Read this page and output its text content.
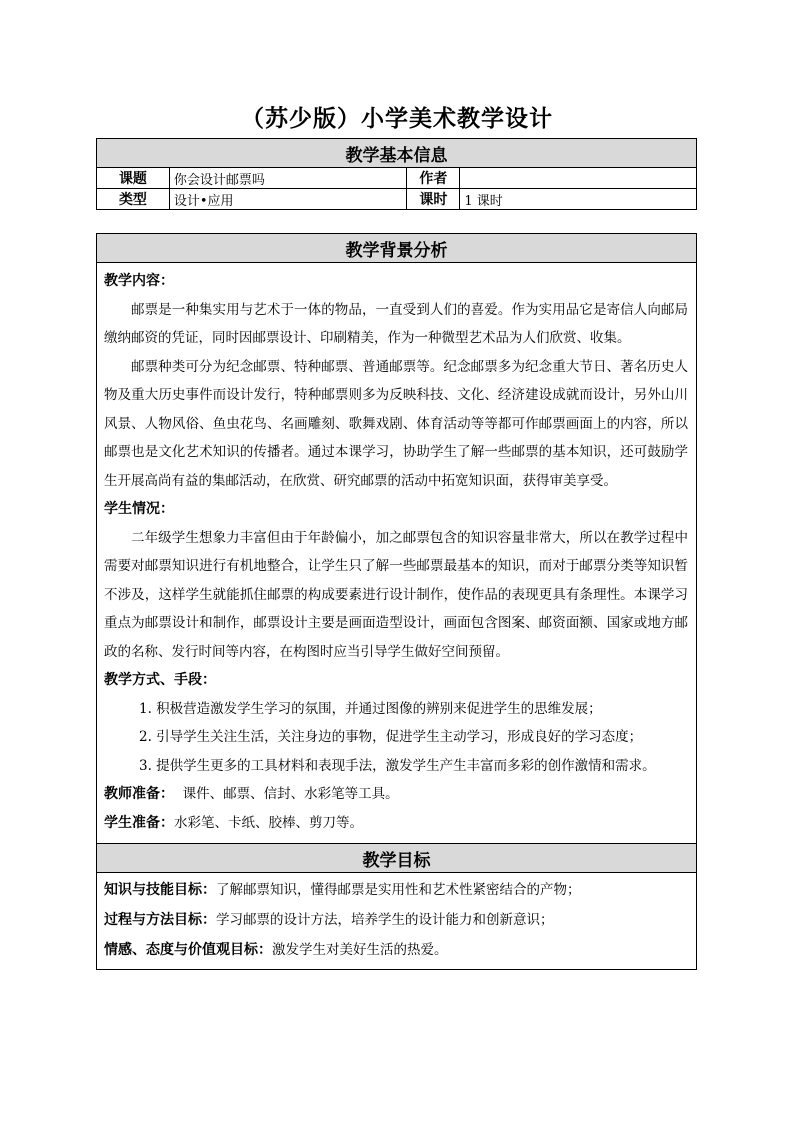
（苏少版）小学美术教学设计
教学基本信息			
课题	你会设计邮票吗	作者	
类型	设计•应用	课时	1 课时
教学背景分析

教学内容：

邮票是一种集实用与艺术于一体的物品，一直受到人们的喜爱。作为实用品它是寄信人向邮局缴纳邮资的凭证，同时因邮票设计、印刷精美，作为一种微型艺术品为人们欣赏、收集。

邮票种类可分为纪念邮票、特种邮票、普通邮票等。纪念邮票多为纪念重大节日、著名历史人物及重大历史事件而设计发行，特种邮票则多为反映科技、文化、经济建设成就而设计，另外山川风景、人物风俗、鱼虫花鸟、名画雕刻、歌舞戏剧、体育活动等等都可作邮票画面上的内容，所以邮票也是文化艺术知识的传播者。通过本课学习，协助学生了解一些邮票的基本知识，还可鼓励学生开展高尚有益的集邮活动，在欣赏、研究邮票的活动中拓宽知识面，获得审美享受。

学生情况：

二年级学生想象力丰富但由于年龄偏小，加之邮票包含的知识容量非常大，所以在教学过程中需要对邮票知识进行有机地整合，让学生只了解一些邮票最基本的知识，而对于邮票分类等知识暂不涉及，这样学生就能抓住邮票的构成要素进行设计制作，使作品的表现更具有条理性。本课学习重点为邮票设计和制作，邮票设计主要是画面造型设计，画面包含图案、邮资面额、国家或地方邮政的名称、发行时间等内容，在构图时应当引导学生做好空间预留。

教学方式、手段：
1. 积极营造激发学生学习的氛围，并通过图像的辨别来促进学生的思维发展；
2. 引导学生关注生活，关注身边的事物，促进学生主动学习，形成良好的学习态度；
3. 提供学生更多的工具材料和表现手法，激发学生产生丰富而多彩的创作激情和需求。
教师准备：  课件、邮票、信封、水彩笔等工具。
学生准备：水彩笔、卡纸、胶棒、剪刀等。

教学目标

知识与技能目标：了解邮票知识，懂得邮票是实用性和艺术性紧密结合的产物；
过程与方法目标：学习邮票的设计方法，培养学生的设计能力和创新意识；
情感、态度与价值观目标：激发学生对美好生活的热爱。
